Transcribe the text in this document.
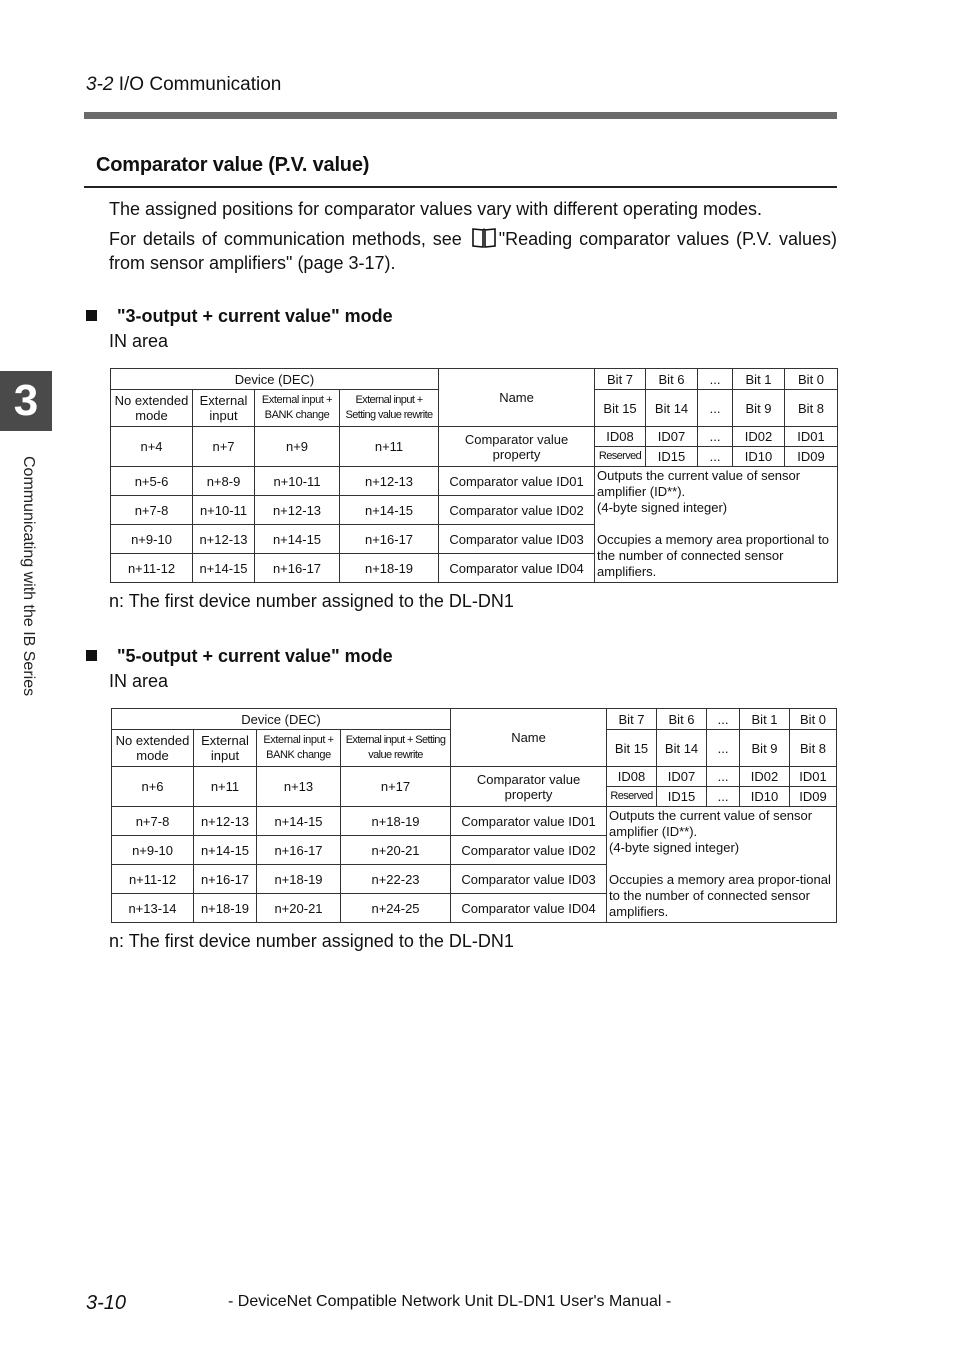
3-2 I/O Communication
Comparator value (P.V. value)
The assigned positions for comparator values vary with different operating modes.
For details of communication methods, see "Reading comparator values (P.V. values) from sensor amplifiers" (page 3-17).
3
Communicating with the IB Series
"3-output + current value" mode
IN area
Device (DEC)				Name	Bit 7	Bit 6	...	Bit 1	Bit 0
No extended mode	External input	External input + BANK change	External input + Setting value rewrite		Bit 15	Bit 14	...	Bit 9	Bit 8
n+4	n+7	n+9	n+11	Comparator value property	ID08	ID07	...	ID02	ID01
					Reserved	ID15	...	ID10	ID09
n+5-6	n+8-9	n+10-11	n+12-13	Comparator value ID01	Outputs the current value of sensor amplifier (ID**).
(4-byte signed integer)
Occupies a memory area proportional to the number of connected sensor amplifiers.				
n+7-8	n+10-11	n+12-13	n+14-15	Comparator value ID02					
n+9-10	n+12-13	n+14-15	n+16-17	Comparator value ID03					
n+11-12	n+14-15	n+16-17	n+18-19	Comparator value ID04					
n: The first device number assigned to the DL-DN1
"5-output + current value" mode
IN area
Device (DEC)				Name	Bit 7	Bit 6	...	Bit 1	Bit 0
No extended mode	External input	External input + BANK change	External input + Setting value rewrite		Bit 15	Bit 14	...	Bit 9	Bit 8
n+6	n+11	n+13	n+17	Comparator value property	ID08	ID07	...	ID02	ID01
					Reserved	ID15	...	ID10	ID09
n+7-8	n+12-13	n+14-15	n+18-19	Comparator value ID01	Outputs the current value of sensor amplifier (ID**).
(4-byte signed integer)
Occupies a memory area propor-tional to the number of connected sensor amplifiers.				
n+9-10	n+14-15	n+16-17	n+20-21	Comparator value ID02					
n+11-12	n+16-17	n+18-19	n+22-23	Comparator value ID03					
n+13-14	n+18-19	n+20-21	n+24-25	Comparator value ID04					
n: The first device number assigned to the DL-DN1
3-10	- DeviceNet Compatible Network Unit DL-DN1 User's Manual -
